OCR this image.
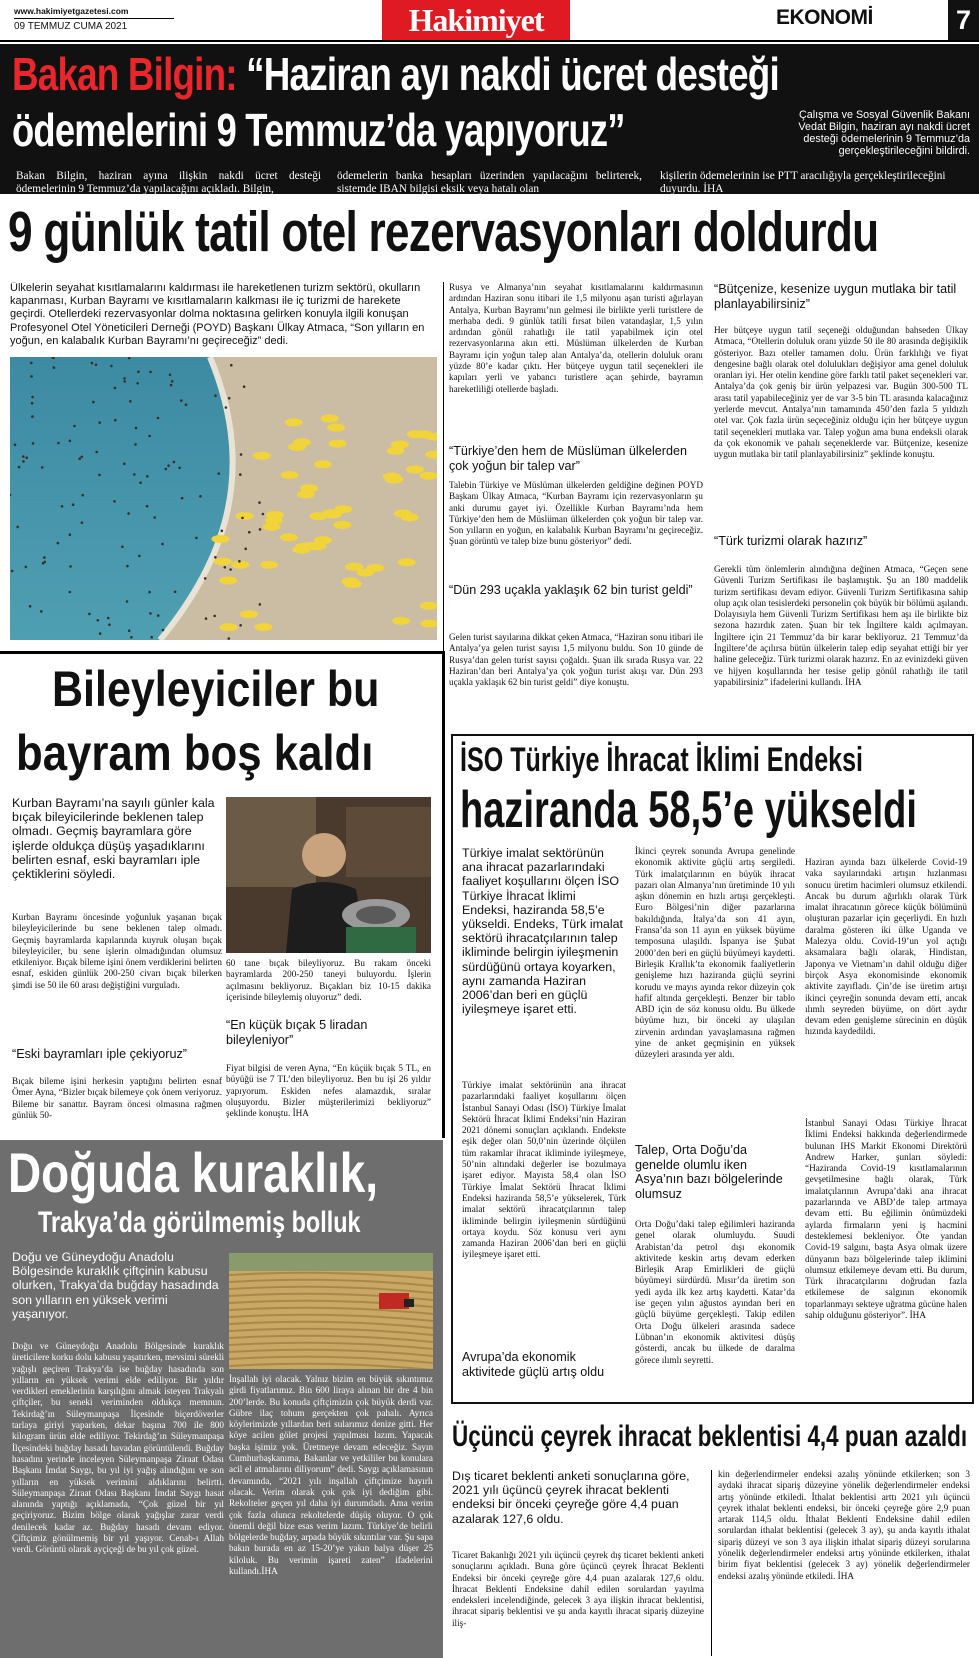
www.hakimiyetgazetesi.com
09 TEMMUZ CUMA 2021	Hakimiyet	EKONOMİ	7
Bakan Bilgin: “Haziran ayı nakdi ücret desteği
ödemelerini 9 Temmuz’da yapıyoruz”	Çalışma ve Sosyal Güvenlik Bakanı Vedat Bilgin, haziran ayı nakdi ücret desteği ödemelerinin 9 Temmuz’da gerçekleştirileceğini bildirdi.
Bakan Bilgin, haziran ayına ilişkin nakdi ücret desteği ödemelerinin 9 Temmuz’da yapılacağını açıkladı. Bilgin,
ödemelerin banka hesapları üzerinden yapılacağını belirterek, sistemde IBAN bilgisi eksik veya hatalı olan
kişilerin ödemelerinin ise PTT aracılığıyla gerçekleştirileceğini duyurdu. İHA
9 günlük tatil otel rezervasyonları doldurdu
Ülkelerin seyahat kısıtlamalarını kaldırması ile hareketlenen turizm sektörü, okulların kapanması, Kurban Bayramı ve kısıtlamaların kalkması ile iç turizmi de harekete geçirdi. Otellerdeki rezervasyonlar dolma noktasına gelirken konuyla ilgili konuşan Profesyonel Otel Yöneticileri Derneği (POYD) Başkanı Ülkay Atmaca, “Son yılların en yoğun, en kalabalık Kurban Bayramı’nı geçireceğiz” dedi.
Rusya ve Almanya’nın seyahat kısıtlamalarını kaldırmasının ardından Haziran sonu itibari ile 1,5 milyonu aşan turisti ağırlayan Antalya, Kurban Bayramı’nın gelmesi ile birlikte yerli turistlere de merhaba dedi. 9 günlük tatili fırsat bilen vatandaşlar, 1,5 yılın ardından gönül rahatlığı ile tatil yapabilmek için otel rezervasyonlarına akın etti. Müslüman ülkelerden de Kurban Bayramı için yoğun talep alan Antalya’da, otellerin doluluk oranı yüzde 80’e kadar çıktı. Her bütçeye uygun tatil seçenekleri ile kapıları yerli ve yabancı turistlere açan şehirde, bayramın hareketliliği otellerde başladı.
“Türkiye’den hem de Müslüman ülkelerden çok yoğun bir talep var”
Talebin Türkiye ve Müslüman ülkelerden geldiğine değinen POYD Başkanı Ülkay Atmaca, “Kurban Bayramı için rezervasyonların şu anki durumu gayet iyi. Özellikle Kurban Bayramı’nda hem Türkiye’den hem de Müslüman ülkelerden çok yoğun bir talep var. Son yılların en yoğun, en kalabalık Kurban Bayramı’nı geçireceğiz. Şuan görüntü ve talep bize bunu gösteriyor” dedi.
“Dün 293 uçakla yaklaşık 62 bin turist geldi”
Gelen turist sayılarına dikkat çeken Atmaca, “Haziran sonu itibari ile Antalya’ya gelen turist sayısı 1,5 milyonu buldu. Son 10 günde de Rusya’dan gelen turist sayısı çoğaldı. Şuan ilk sırada Rusya var. 22 Haziran’dan beri Antalya’ya çok yoğun turist akışı var. Dün 293 uçakla yaklaşık 62 bin turist geldi” diye konuştu.
“Bütçenize, kesenize uygun mutlaka bir tatil planlayabilirsiniz”
Her bütçeye uygun tatil seçeneği olduğundan bahseden Ülkay Atmaca, “Otellerin doluluk oranı yüzde 50 ile 80 arasında değişiklik gösteriyor. Bazı oteller tamamen dolu. Ürün farklılığı ve fiyat dengesine bağlı olarak otel dolulukları değişiyor ama genel doluluk oranları iyi. Her otelin kendine göre farklı tatil paket seçenekleri var. Antalya’da çok geniş bir ürün yelpazesi var. Bugün 300-500 TL arası tatil yapabileceğiniz yer de var 3-5 bin TL arasında kalacağınız yerlerde mevcut. Antalya’nın tamamında 450’den fazla 5 yıldızlı otel var. Çok fazla ürün seçeceğiniz olduğu için her bütçeye uygun tatil seçenekleri mutlaka var. Talep yoğun ama buna endeksli olarak da çok ekonomik ve pahalı seçeneklerde var. Bütçenize, kesenize uygun mutlaka bir tatil planlayabilirsiniz” şeklinde konuştu.
“Türk turizmi olarak hazırız”
Gerekli tüm önlemlerin alındığına değinen Atmaca, “Geçen sene Güvenli Turizm Sertifikası ile başlamıştık. Şu an 180 maddelik turizm sertifikası devam ediyor. Güvenli Turizm Sertifikasına sahip olup açık olan tesislerdeki personelin çok büyük bir bölümü aşılandı. Dolayısıyla hem Güvenli Turizm Sertifikası hem aşı ile birlikte biz sezona hazırdık zaten. Şuan bir tek İngiltere kaldı açılmayan. İngiltere için 21 Temmuz’da bir karar bekliyoruz. 21 Temmuz’da İngiltere’de açılırsa bütün ülkelerin talep edip seyahat ettiği bir yer haline geleceğiz. Türk turizmi olarak hazırız. En az evinizdeki güven ve hijyen koşullarında her tesise gelip gönül rahatlığı ile tatil yapabilirsiniz” ifadelerini kullandı. İHA
Bileyleyiciler bu
bayram boş kaldı
Kurban Bayramı’na sayılı günler kala bıçak bileyicilerinde beklenen talep olmadı. Geçmiş bayramlara göre işlerde oldukça düşüş yaşadıklarını belirten esnaf, eski bayramları iple çektiklerini söyledi.
Kurban Bayramı öncesinde yoğunluk yaşanan bıçak bileyleyicilerinde bu sene beklenen talep olmadı. Geçmiş bayramlarda kapılarında kuyruk oluşan bıçak bileyleyiciler, bu sene işlerin olmadığından olumsuz etkileniyor. Bıçak bileme işini önem verdiklerini belirten esnaf, eskiden günlük 200-250 civarı bıçak bilerken şimdi ise 50 ile 60 arası değiştiğini vurguladı.
“Eski bayramları iple çekiyoruz”
Bıçak bileme işini herkesin yaptığını belirten esnaf Ömer Ayna, “Bizler bıçak bilemeye çok önem veriyoruz. Bileme bir sanattır. Bayram öncesi olmasına rağmen günlük 50-
60 tane bıçak bileyliyoruz. Bu rakam önceki bayramlarda 200-250 taneyi buluyordu. İşlerin açılmasını bekliyoruz. Bıçakları biz 10-15 dakika içerisinde bileylemiş oluyoruz” dedi.
“En küçük bıçak 5 liradan bileyleniyor”
Fiyat bilgisi de veren Ayna, “En küçük bıçak 5 TL, en büyüğü ise 7 TL’den bileyliyoruz. Ben bu işi 26 yıldır yapıyorum. Eskiden nefes alamazdık, sıralar oluşuyordu. Bizler müşterilerimizi bekliyoruz” şeklinde konuştu. İHA
Doğuda kuraklık,
Trakya’da görülmemiş bolluk
Doğu ve Güneydoğu Anadolu Bölgesinde kuraklık çiftçinin kabusu olurken, Trakya’da buğday hasadında son yılların en yüksek verimi yaşanıyor.
Doğu ve Güneydoğu Anadolu Bölgesinde kuraklık üreticilere korku dolu kabusu yaşatırken, mevsimi sürekli yağışlı geçiren Trakya’da ise buğday hasadında son yılların en yüksek verimi elde ediliyor. Bir yıldır verdikleri emeklerinin karşılığını almak isteyen Trakyalı çiftçiler, bu seneki veriminden oldukça memnun. Tekirdağ’ın Süleymanpaşa İlçesinde biçerdöverler tarlaya giriyi yaparken, dekar başına 700 ile 800 kilogram ürün elde ediliyor. Tekirdağ’ın Süleymanpaşa İlçesindeki buğday hasadı havadan görüntülendi. Buğday hasadını yerinde inceleyen Süleymanpaşa Ziraat Odası Başkanı İmdat Saygı, bu yıl iyi yağış alındığını ve son yılların en yüksek verimini aldıklarını belirtti. Süleymanpaşa Ziraat Odası Başkanı İmdat Saygı hasat alanında yaptığı açıklamada, “Çok güzel bir yıl geçiriyoruz. Bizim bölge olarak yağışlar zarar verdi denilecek kadar az. Buğday hasadı devam ediyor. Çiftçimiz gönülmemiş bir yıl yaşıyor. Cenab-ı Allah verdi. Görüntü olarak ayçiçeği de bu yıl çok güzel.
İnşallah iyi olacak. Yalnız bizim en büyük sıkıntımız girdi fiyatlarımız. Bin 600 liraya alınan bir dre 4 bin 200’lerde. Bu konuda çiftçimizin çok büyük derdi var. Gübre ilaç tohum gerçekten çok pahalı. Ayrıca köylerimizde yıllardan beri sularımız denize gitti. Her köye acilen gölet projesi yapılması lazım. Yapacak başka işimiz yok. Üretmeye devam edeceğiz. Sayın Cumhurbaşkanıma, Bakanlar ve yetkililer bu konulara acil el atmalarını diliyorum” dedi. Saygı açıklamasının devamında, “2021 yılı inşallah çiftçimize hayırlı olacak. Verim olarak çok çok iyi dediğim gibi. Rekolteler geçen yıl daha iyi durumdadı. Ama verim çok fazla olunca rekoltelerde düşüş oluyor. O çok önemli değil bize esas verim lazım. Türkiye’de belirli bölgelerde buğday, arpada büyük sıkıntılar var. Şu sapa bakın burada en az 15-20’ye yakın balya düşer 25 kiloluk. Bu verimin işareti zaten” ifadelerini kullandı.İHA
İSO Türkiye İhracat İklimi Endeksi
haziranda 58,5’e yükseldi
Türkiye imalat sektörünün ana ihracat pazarlarındaki faaliyet koşullarını ölçen İSO Türkiye İhracat İklimi Endeksi, haziranda 58,5’e yükseldi. Endeks, Türk imalat sektörü ihracatçılarının talep ikliminde belirgin iyileşmenin sürdüğünü ortaya koyarken, aynı zamanda Haziran 2006’dan beri en güçlü iyileşmeye işaret etti.
Türkiye imalat sektörünün ana ihracat pazarlarındaki faaliyet koşullarını ölçen İstanbul Sanayi Odası (İSO) Türkiye İmalat Sektörü İhracat İklimi Endeksi’nin Haziran 2021 dönemi sonuçları açıklandı. Endekste eşik değer olan 50,0’nin üzerinde ölçülen tüm rakamlar ihracat ikliminde iyileşmeye, 50’nin altındaki değerler ise bozulmaya işaret ediyor. Mayısta 58,4 olan İSO Türkiye İmalat Sektörü İhracat İklimi Endeksi haziranda 58,5’e yükselerek, Türk imalat sektörü ihracatçılarının talep ikliminde belirgin iyileşmenin sürdüğünü ortaya koydu. Söz konusu veri aynı zamanda Haziran 2006’dan beri en güçlü iyileşmeye işaret etti.
Avrupa’da ekonomik aktivitede güçlü artış oldu
İkinci çeyrek sonunda Avrupa genelinde ekonomik aktivite güçlü artış sergiledi. Türk imalatçılarının en büyük ihracat pazarı olan Almanya’nın üretiminde 10 yılı aşkın dönemin en hızlı artışı gerçekleşti. Euro Bölgesi’nin diğer pazarlarına bakıldığında, İtalya’da son 41 ayın, Fransa’da son 11 ayın en yüksek büyüme temposuna ulaşıldı. İspanya ise Şubat 2000’den beri en güçlü büyümeyi kaydetti. Birleşik Krallık’ta ekonomik faaliyetlerin genişleme hızı haziranda güçlü seyrini korudu ve mayıs ayında rekor düzeyin çok hafif altında gerçekleşti. Benzer bir tablo ABD için de söz konusu oldu. Bu ülkede büyüme hızı, bir önceki ay ulaşılan zirvenin ardından yavaşlamasına rağmen yine de anket geçmişinin en yüksek düzeyleri arasında yer aldı.
Talep, Orta Doğu’da genelde olumlu iken Asya’nın bazı bölgelerinde olumsuz
Orta Doğu’daki talep eğilimleri haziranda genel olarak olumluydu. Suudi Arabistan’da petrol dışı ekonomik aktivitede keskin artış devam ederken Birleşik Arap Emirlikleri de güçlü büyümeyi sürdürdü. Mısır’da üretim son yedi ayda ilk kez artış kaydetti. Katar’da ise geçen yılın ağustos ayından beri en güçlü büyüme gerçekleşti. Takip edilen Orta Doğu ülkeleri arasında sadece Lübnan’ın ekonomik aktivitesi düşüş gösterdi, ancak bu ülkede de daralma görece ılımlı seyretti.
Haziran ayında bazı ülkelerde Covid-19 vaka sayılarındaki artışın hızlanması sonucu üretim hacimleri olumsuz etkilendi. Ancak bu durum ağırlıklı olarak Türk imalat ihracatının görece küçük bölümünü oluşturan pazarlar için geçerliydi. En hızlı daralma gösteren iki ülke Uganda ve Malezya oldu. Covid-19’un yol açtığı aksamalara bağlı olarak, Hindistan, Japonya ve Vietnam’ın dahil olduğu diğer birçok Asya ekonomisinde ekonomik aktivite zayıfladı. Çin’de ise üretim artışı ikinci çeyreğin sonunda devam etti, ancak ılımlı seyreden büyüme, on dört aydır devam eden genişleme sürecinin en düşük hızında kaydedildi.
İstanbul Sanayi Odası Türkiye İhracat İklimi Endeksi hakkında değerlendirmede bulunan IHS Markit Ekonomi Direktörü Andrew Harker, şunları söyledi: “Haziranda Covid-19 kısıtlamalarının gevşetilmesine bağlı olarak, Türk imalatçılarının Avrupa’daki ana ihracat pazarlarında ve ABD’de talep artmaya devam etti. Bu eğilimin önümüzdeki aylarda firmaların yeni iş hacmini desteklemesi bekleniyor. Öte yandan Covid-19 salgını, başta Asya olmak üzere dünyanın bazı bölgelerinde talep iklimini olumsuz etkilemeye devam etti. Bu durum, Türk ihracatçılarını doğrudan fazla etkilemese de salgının ekonomik toparlanmayı sekteye uğratma gücüne halen sahip olduğunu gösteriyor”. İHA
Üçüncü çeyrek ihracat beklentisi 4,4 puan azaldı
Dış ticaret beklenti anketi sonuçlarına göre, 2021 yılı üçüncü çeyrek ihracat beklenti endeksi bir önceki çeyreğe göre 4,4 puan azalarak 127,6 oldu.
Ticaret Bakanlığı 2021 yılı üçüncü çeyrek dış ticaret beklenti anketi sonuçlarını açıkladı. Buna göre üçüncü çeyrek İhracat Beklenti Endeksi bir önceki çeyreğe göre 4,4 puan azalarak 127,6 oldu. İhracat Beklenti Endeksine dahil edilen sorulardan yayılma endeksleri incelendiğinde, gelecek 3 aya ilişkin ihracat beklentisi, ihracat sipariş beklentisi ve şu anda kayıtlı ihracat sipariş düzeyine iliş-
kin değerlendirmeler endeksi azalış yönünde etkilerken; son 3 aydaki ihracat sipariş düzeyine yönelik değerlendirmeler endeksi artış yönünde etkiledi. İthalat beklentisi arttı 2021 yılı üçüncü çeyrek ithalat beklenti endeksi, bir önceki çeyreğe göre 2,9 puan artarak 114,5 oldu. İthalat Beklenti Endeksine dahil edilen sorulardan ithalat beklentisi (gelecek 3 ay), şu anda kayıtlı ithalat sipariş düzeyi ve son 3 aya ilişkin ithalat sipariş düzeyi sorularına yönelik değerlendirmeler endeksi artış yönünde etkilerken, ithalat birim fiyat beklentisi (gelecek 3 ay) yönelik değerlendirmeler endeksi azalış yönünde etkiledi. İHA
